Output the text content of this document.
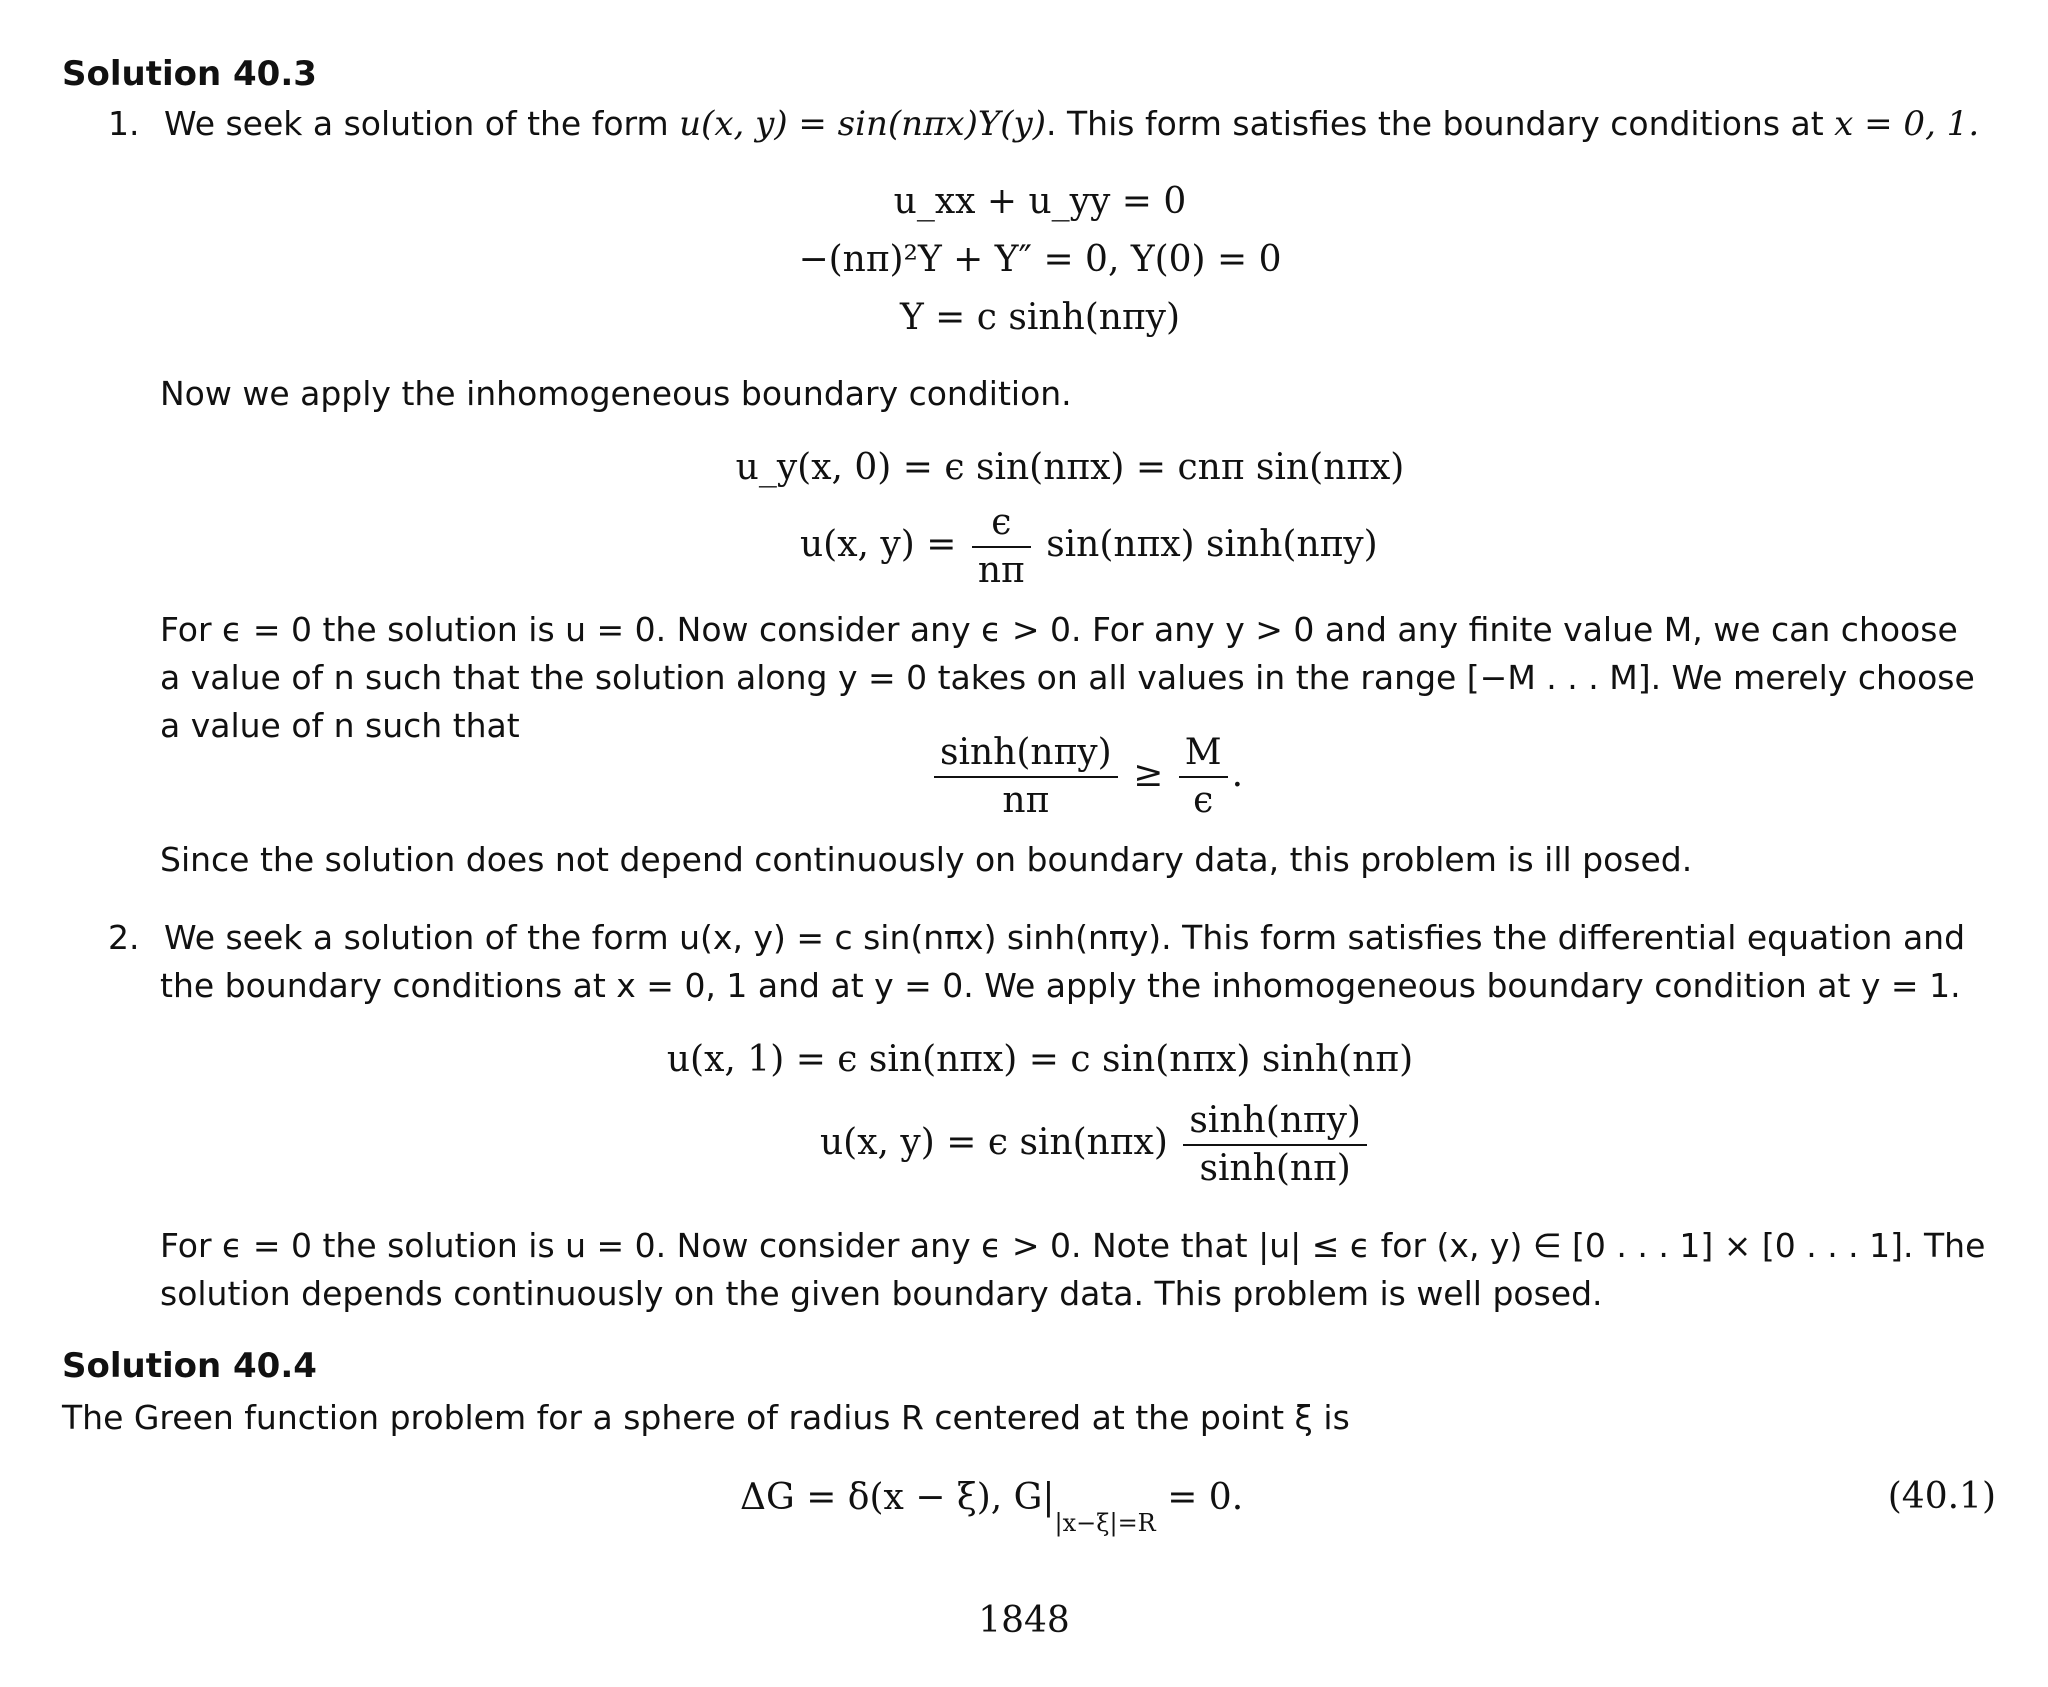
Solution 40.3
1. We seek a solution of the form u(x, y) = sin(nπx)Y(y). This form satisfies the boundary conditions at x = 0, 1.
u_xx + u_yy = 0
−(nπ)²Y + Y″ = 0, Y(0) = 0
Y = c sinh(nπy)
Now we apply the inhomogeneous boundary condition.
u_y(x, 0) = ϵ sin(nπx) = cnπ sin(nπx)
u(x, $y) = \frac{\epsilon}{n\pi} \sin(n\pi x)$ sinh(nπy)
For ϵ = 0 the solution is u = 0. Now consider any ϵ > 0. For any y > 0 and any finite value M, we can choose
a value of n such that the solution along y = 0 takes on all values in the range [−M . . . M]. We merely choose
a value of n such that
$\frac{\text{sinh(nπy)}}{n\pi} \ge \frac{M}{\epsilon}$ .
Since the solution does not depend continuously on boundary data, this problem is ill posed.
2. We seek a solution of the form u(x, y) = c sin(nπx) sinh(nπy). This form satisfies the differential equation and
the boundary conditions at x = 0, 1 and at y = 0. We apply the inhomogeneous boundary condition at y = 1.
u(x, 1) = ϵ sin(nπx) = c sin(nπx) sinh(nπ)
u(x, y) = ϵ $\sin(n\pi x) \frac{\text{sinh(nπy)}}{\sinh(n\pi)}$
For ϵ = 0 the solution is u = 0. Now consider any ϵ > 0. Note that |u| ≤ ϵ for (x, y) ∈ [0 . . . 1] × [0 . . . 1]. The
solution depends continuously on the given boundary data. This problem is well posed.
Solution 40.4
The Green function problem for a sphere of radius R centered at the point ξ is
ΔG = δ(x − ξ), $G|_{|x-\xi|=R} = 0$.	(40.1)
1848
